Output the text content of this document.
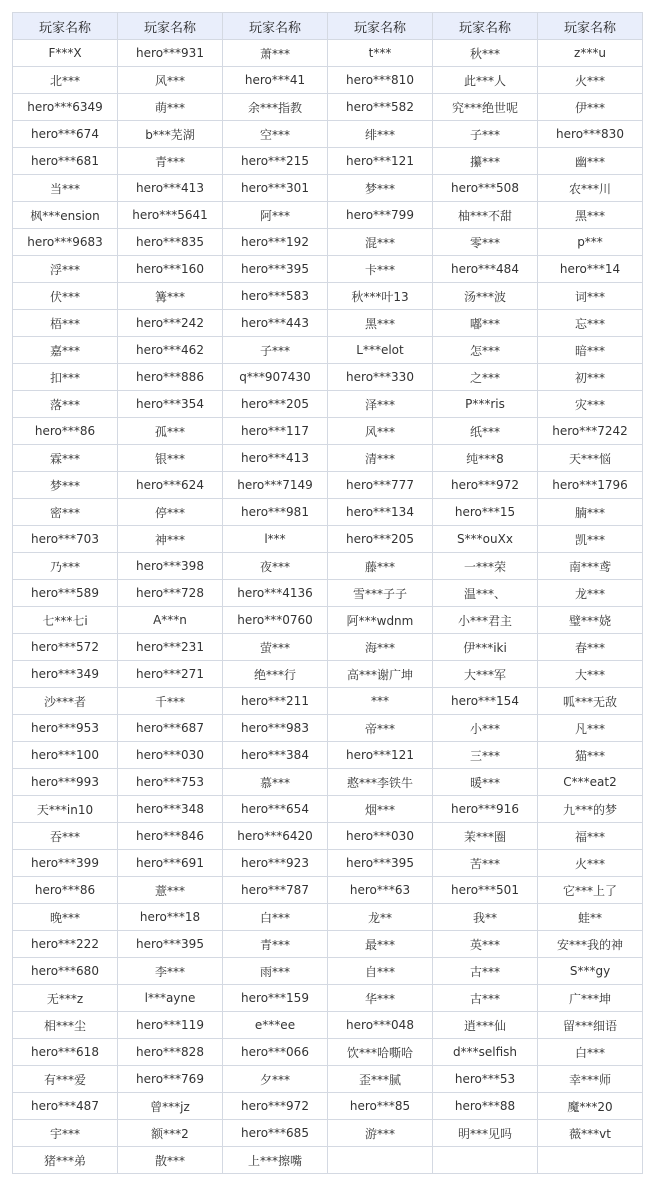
玩家名称	玩家名称	玩家名称	玩家名称	玩家名称	玩家名称
F***X	hero***931	萧***	t***	秋***	z***u
北***	风***	hero***41	hero***810	此***人	火***
hero***6349	萌***	余***指教	hero***582	究***绝世呢	伊***
hero***674	b***芜湖	空***	绯***	子***	hero***830
hero***681	青***	hero***215	hero***121	攥***	幽***
当***	hero***413	hero***301	梦***	hero***508	农***川
枫***ension	hero***5641	阿***	hero***799	柚***不甜	黑***
hero***9683	hero***835	hero***192	混***	零***	p***
浮***	hero***160	hero***395	卡***	hero***484	hero***14
伏***	篝***	hero***583	秋***叶13	汤***波	词***
梧***	hero***242	hero***443	黑***	嘟***	忘***
嘉***	hero***462	子***	L***elot	怎***	暗***
扣***	hero***886	q***907430	hero***330	之***	初***
落***	hero***354	hero***205	泽***	P***ris	灾***
hero***86	孤***	hero***117	风***	纸***	hero***7242
霖***	银***	hero***413	清***	纯***8	天***悩
梦***	hero***624	hero***7149	hero***777	hero***972	hero***1796
密***	停***	hero***981	hero***134	hero***15	腩***
hero***703	神***	l***	hero***205	S***ouXx	凯***
乃***	hero***398	夜***	藤***	一***荣	南***鸢
hero***589	hero***728	hero***4136	雪***子子	温***、	龙***
七***七i	A***n	hero***0760	阿***wdnm	小***君主	璧***娆
hero***572	hero***231	萤***	海***	伊***iki	春***
hero***349	hero***271	绝***行	高***谢广坤	大***军	大***
沙***者	千***	hero***211	***	hero***154	呱***无敌
hero***953	hero***687	hero***983	帝***	小***	凡***
hero***100	hero***030	hero***384	hero***121	三***	猫***
hero***993	hero***753	慕***	憨***李铁牛	暖***	C***eat2
天***in10	hero***348	hero***654	烟***	hero***916	九***的梦
吞***	hero***846	hero***6420	hero***030	茉***圈	福***
hero***399	hero***691	hero***923	hero***395	苦***	火***
hero***86	薏***	hero***787	hero***63	hero***501	它***上了
晚***	hero***18	白***	龙**	我**	蛙**
hero***222	hero***395	青***	最***	英***	安***我的神
hero***680	李***	雨***	自***	古***	S***gy
无***z	l***ayne	hero***159	华***	古***	广***坤
相***尘	hero***119	e***ee	hero***048	逍***仙	留***细语
hero***618	hero***828	hero***066	饮***哈嘶哈	d***selfish	白***
有***爱	hero***769	夕***	歪***腻	hero***53	幸***师
hero***487	曾***jz	hero***972	hero***85	hero***88	魔***20
宇***	额***2	hero***685	游***	明***见吗	薇***vt
猪***弟	散***	上***擦嘴			
